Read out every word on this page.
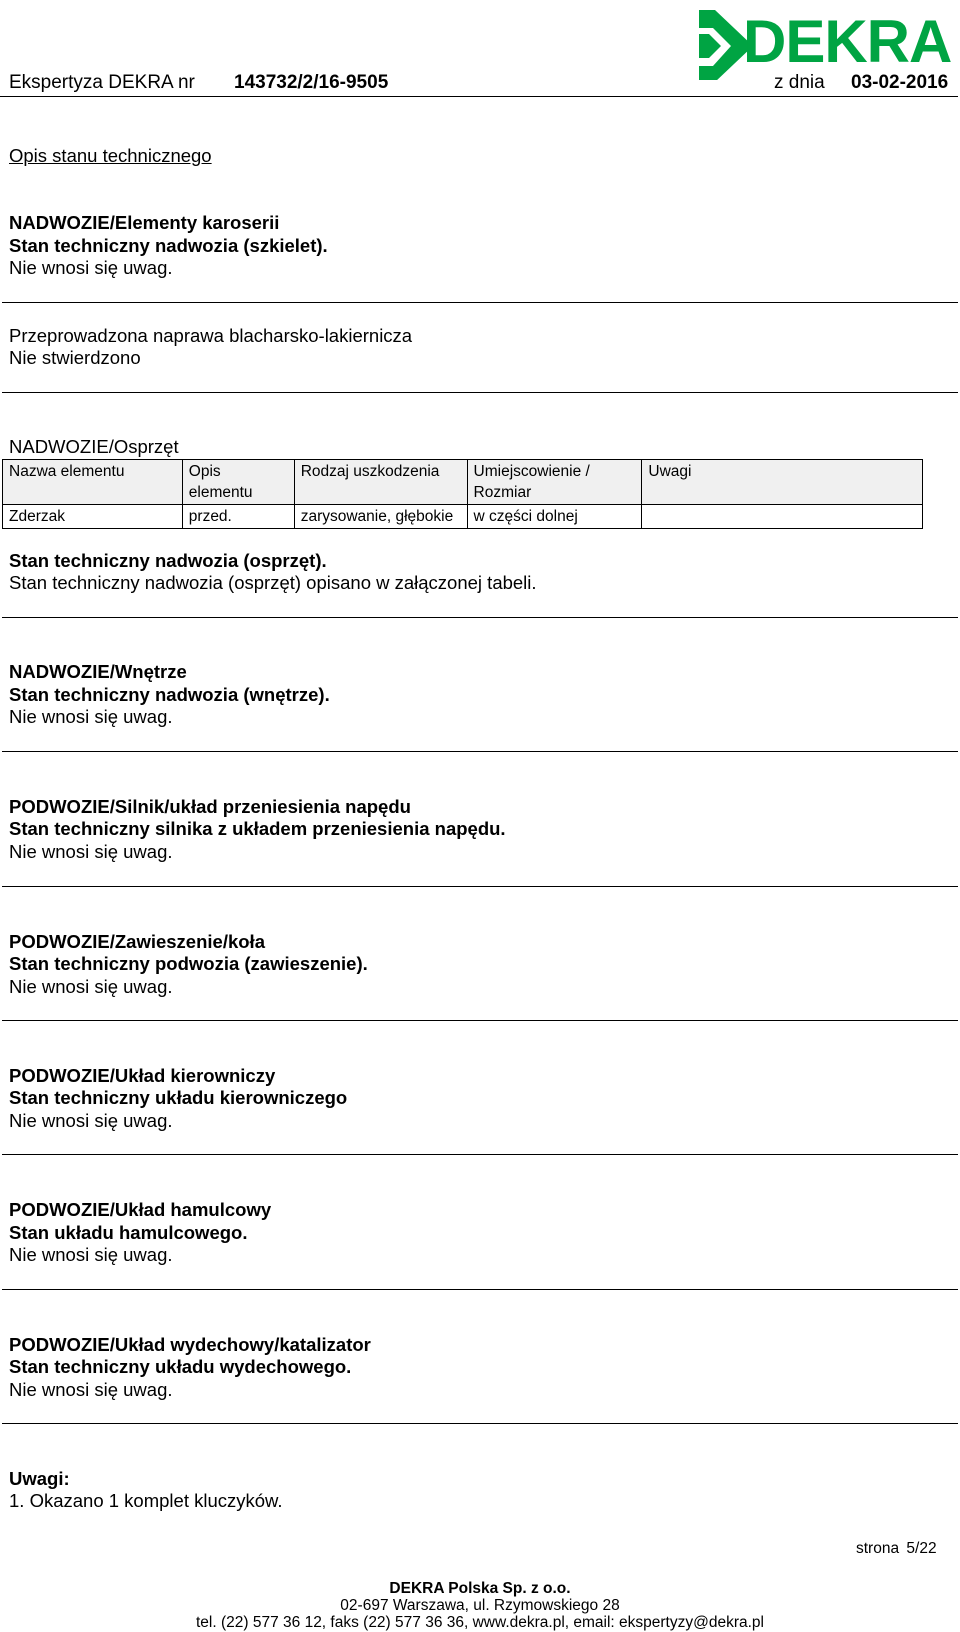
DEKRA
Ekspertyza DEKRA nr 143732/2/16-9505	z dnia 03-02-2016
Opis stanu technicznego
NADWOZIE/Elementy karoserii
Stan techniczny nadwozia (szkielet).
Nie wnosi się uwag.
Przeprowadzona naprawa blacharsko-lakiernicza
Nie stwierdzono
NADWOZIE/Osprzęt
Nazwa elementu	Opis elementu	Rodzaj uszkodzenia	Umiejscowienie / Rozmiar	Uwagi
Zderzak	przed.	zarysowanie, głębokie	w części dolnej	
Stan techniczny nadwozia (osprzęt).
Stan techniczny nadwozia (osprzęt) opisano w załączonej tabeli.
NADWOZIE/Wnętrze
Stan techniczny nadwozia (wnętrze).
Nie wnosi się uwag.
PODWOZIE/Silnik/układ przeniesienia napędu
Stan techniczny silnika z układem przeniesienia napędu.
Nie wnosi się uwag.
PODWOZIE/Zawieszenie/koła
Stan techniczny podwozia (zawieszenie).
Nie wnosi się uwag.
PODWOZIE/Układ kierowniczy
Stan techniczny układu kierowniczego
Nie wnosi się uwag.
PODWOZIE/Układ hamulcowy
Stan układu hamulcowego.
Nie wnosi się uwag.
PODWOZIE/Układ wydechowy/katalizator
Stan techniczny układu wydechowego.
Nie wnosi się uwag.
Uwagi:
1. Okazano 1 komplet kluczyków.
strona 5/22
DEKRA Polska Sp. z o.o.
02-697 Warszawa, ul. Rzymowskiego 28
tel. (22) 577 36 12, faks (22) 577 36 36, www.dekra.pl, email: ekspertyzy@dekra.pl
